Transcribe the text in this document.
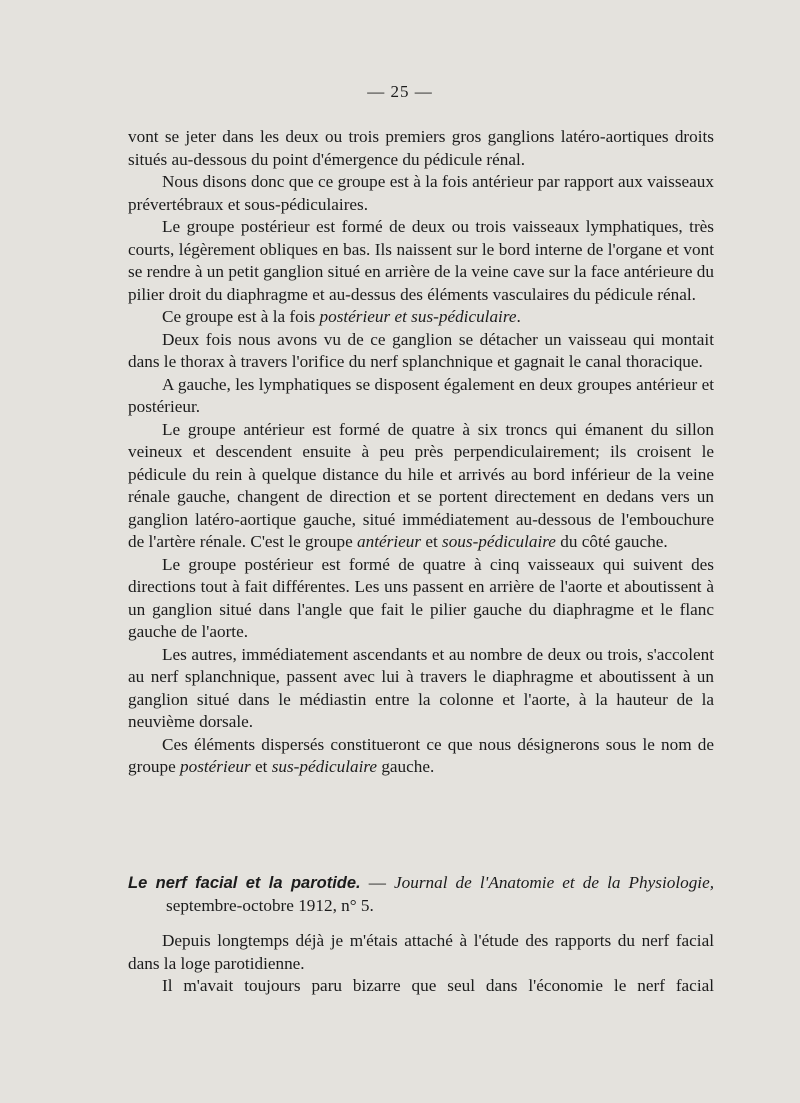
— 25 —

vont se jeter dans les deux ou trois premiers gros ganglions latéro-aortiques droits situés au-dessous du point d'émergence du pédicule rénal.

Nous disons donc que ce groupe est à la fois antérieur par rapport aux vaisseaux prévertébraux et sous-pédiculaires.

Le groupe postérieur est formé de deux ou trois vaisseaux lymphatiques, très courts, légèrement obliques en bas. Ils naissent sur le bord interne de l'organe et vont se rendre à un petit ganglion situé en arrière de la veine cave sur la face antérieure du pilier droit du diaphragme et au-dessus des éléments vasculaires du pédicule rénal.

Ce groupe est à la fois postérieur et sus-pédiculaire.

Deux fois nous avons vu de ce ganglion se détacher un vaisseau qui montait dans le thorax à travers l'orifice du nerf splanchnique et gagnait le canal thoracique.

A gauche, les lymphatiques se disposent également en deux groupes antérieur et postérieur.

Le groupe antérieur est formé de quatre à six troncs qui émanent du sillon veineux et descendent ensuite à peu près perpendiculairement; ils croisent le pédicule du rein à quelque distance du hile et arrivés au bord inférieur de la veine rénale gauche, changent de direction et se portent directement en dedans vers un ganglion latéro-aortique gauche, situé immédiatement au-dessous de l'embouchure de l'artère rénale. C'est le groupe antérieur et sous-pédiculaire du côté gauche.

Le groupe postérieur est formé de quatre à cinq vaisseaux qui suivent des directions tout à fait différentes. Les uns passent en arrière de l'aorte et aboutissent à un ganglion situé dans l'angle que fait le pilier gauche du diaphragme et le flanc gauche de l'aorte.

Les autres, immédiatement ascendants et au nombre de deux ou trois, s'accolent au nerf splanchnique, passent avec lui à travers le diaphragme et aboutissent à un ganglion situé dans le médiastin entre la colonne et l'aorte, à la hauteur de la neuvième dorsale.

Ces éléments dispersés constitueront ce que nous désignerons sous le nom de groupe postérieur et sus-pédiculaire gauche.

Le nerf facial et la parotide. — Journal de l'Anatomie et de la Physiologie, septembre-octobre 1912, n° 5.

Depuis longtemps déjà je m'étais attaché à l'étude des rapports du nerf facial dans la loge parotidienne.

Il m'avait toujours paru bizarre que seul dans l'économie le nerf facial
